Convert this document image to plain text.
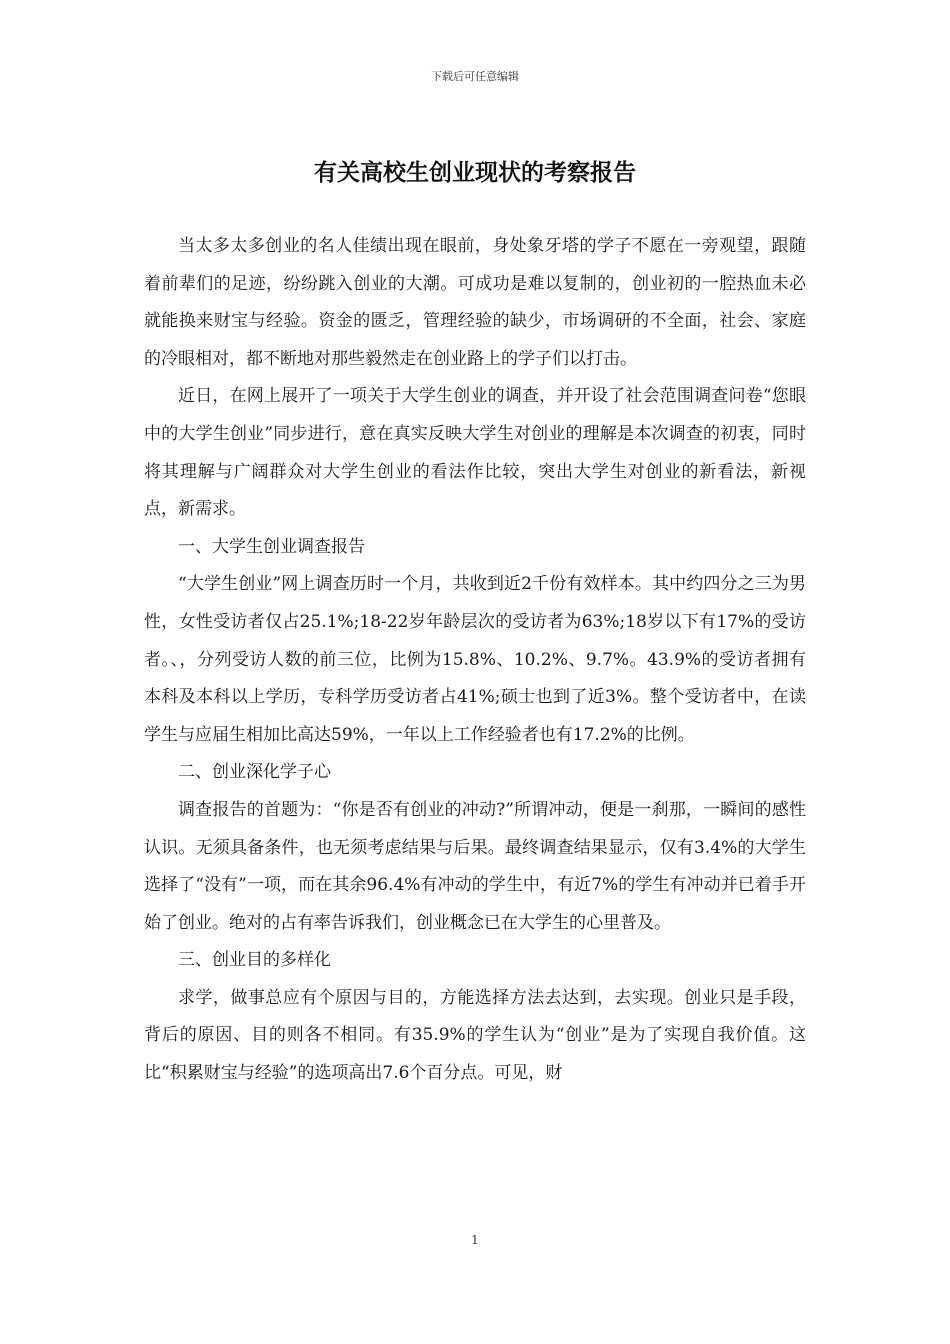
下载后可任意编辑
有关高校生创业现状的考察报告

当太多太多创业的名人佳绩出现在眼前，身处象牙塔的学子不愿在一旁观望，跟随着前辈们的足迹，纷纷跳入创业的大潮。可成功是难以复制的，创业初的一腔热血未必就能换来财宝与经验。资金的匮乏，管理经验的缺少，市场调研的不全面，社会、家庭的冷眼相对，都不断地对那些毅然走在创业路上的学子们以打击。

近日，在网上展开了一项关于大学生创业的调查，并开设了社会范围调查问卷“您眼中的大学生创业”同步进行，意在真实反映大学生对创业的理解是本次调查的初衷，同时将其理解与广阔群众对大学生创业的看法作比较，突出大学生对创业的新看法，新视点，新需求。

一、大学生创业调查报告

“大学生创业”网上调查历时一个月，共收到近2千份有效样本。其中约四分之三为男性，女性受访者仅占25.1%;18-22岁年龄层次的受访者为63%;18岁以下有17%的受访者。、，分列受访人数的前三位，比例为15.8%、10.2%、9.7%。43.9%的受访者拥有本科及本科以上学历，专科学历受访者占41%;硕士也到了近3%。整个受访者中，在读学生与应届生相加比高达59%，一年以上工作经验者也有17.2%的比例。

二、创业深化学子心

调查报告的首题为：“你是否有创业的冲动?”所谓冲动，便是一刹那，一瞬间的感性认识。无须具备条件，也无须考虑结果与后果。最终调查结果显示，仅有3.4%的大学生选择了“没有”一项，而在其余96.4%有冲动的学生中，有近7%的学生有冲动并已着手开始了创业。绝对的占有率告诉我们，创业概念已在大学生的心里普及。

三、创业目的多样化

求学，做事总应有个原因与目的，方能选择方法去达到，去实现。创业只是手段，背后的原因、目的则各不相同。有35.9%的学生认为“创业”是为了实现自我价值。这比“积累财宝与经验”的选项高出7.6个百分点。可见，财

1
